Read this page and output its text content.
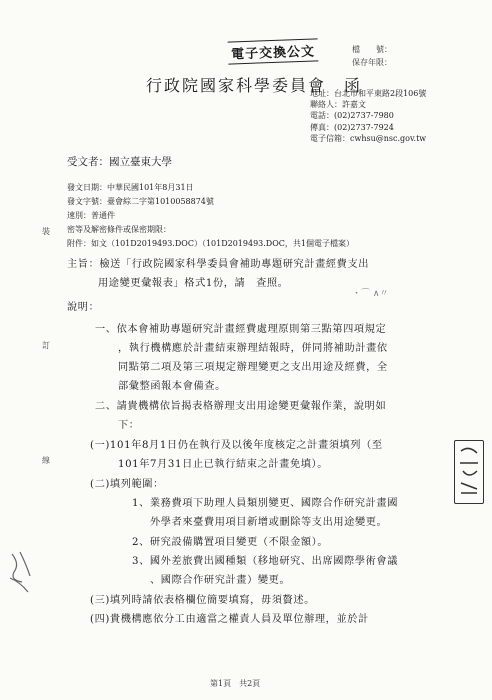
電子交換公文	檔　　號：
保存年限：
行政院國家科學委員會　函
地址：台北市和平東路2段106號
聯絡人：許嘉文
電話：(02)2737-7980
傳真：(02)2737-7924
電子信箱：cwhsu@nsc.gov.tw
受文者：國立臺東大學
發文日期：中華民國101年8月31日
發文字號：臺會綜二字第1010058874號
速別：普通件
密等及解密條件或保密期限：
附件：如文（101D2019493.DOC）（101D2019493.DOC，共1個電子檔案）
裝
訂
線
主旨：檢送「行政院國家科學委員會補助專題研究計畫經費支出
用途變更彙報表」格式1份，請　查照。
・⌒ ∧〃
說明：
一、依本會補助專題研究計畫經費處理原則第三點第四項規定
，執行機構應於計畫結束辦理結報時，併同將補助計畫依
同點第二項及第三項規定辦理變更之支出用途及經費，全
部彙整函報本會備查。
二、請貴機構依旨揭表格辦理支出用途變更彙報作業，說明如
下：
(一)101年8月1日仍在執行及以後年度核定之計畫須填列（至
101年7月31日止已執行結束之計畫免填）。
(二)填列範圍：
1、業務費項下助理人員類別變更、國際合作研究計畫國
外學者來臺費用項目新增或刪除等支出用途變更。
2、研究設備購置項目變更（不限金額）。
3、國外差旅費出國種類（移地研究、出席國際學術會議
、國際合作研究計畫）變更。
(三)填列時請依表格欄位簡要填寫，毋須贅述。
(四)貴機構應依分工由適當之權責人員及單位辦理，並於計
第1頁　共2頁
